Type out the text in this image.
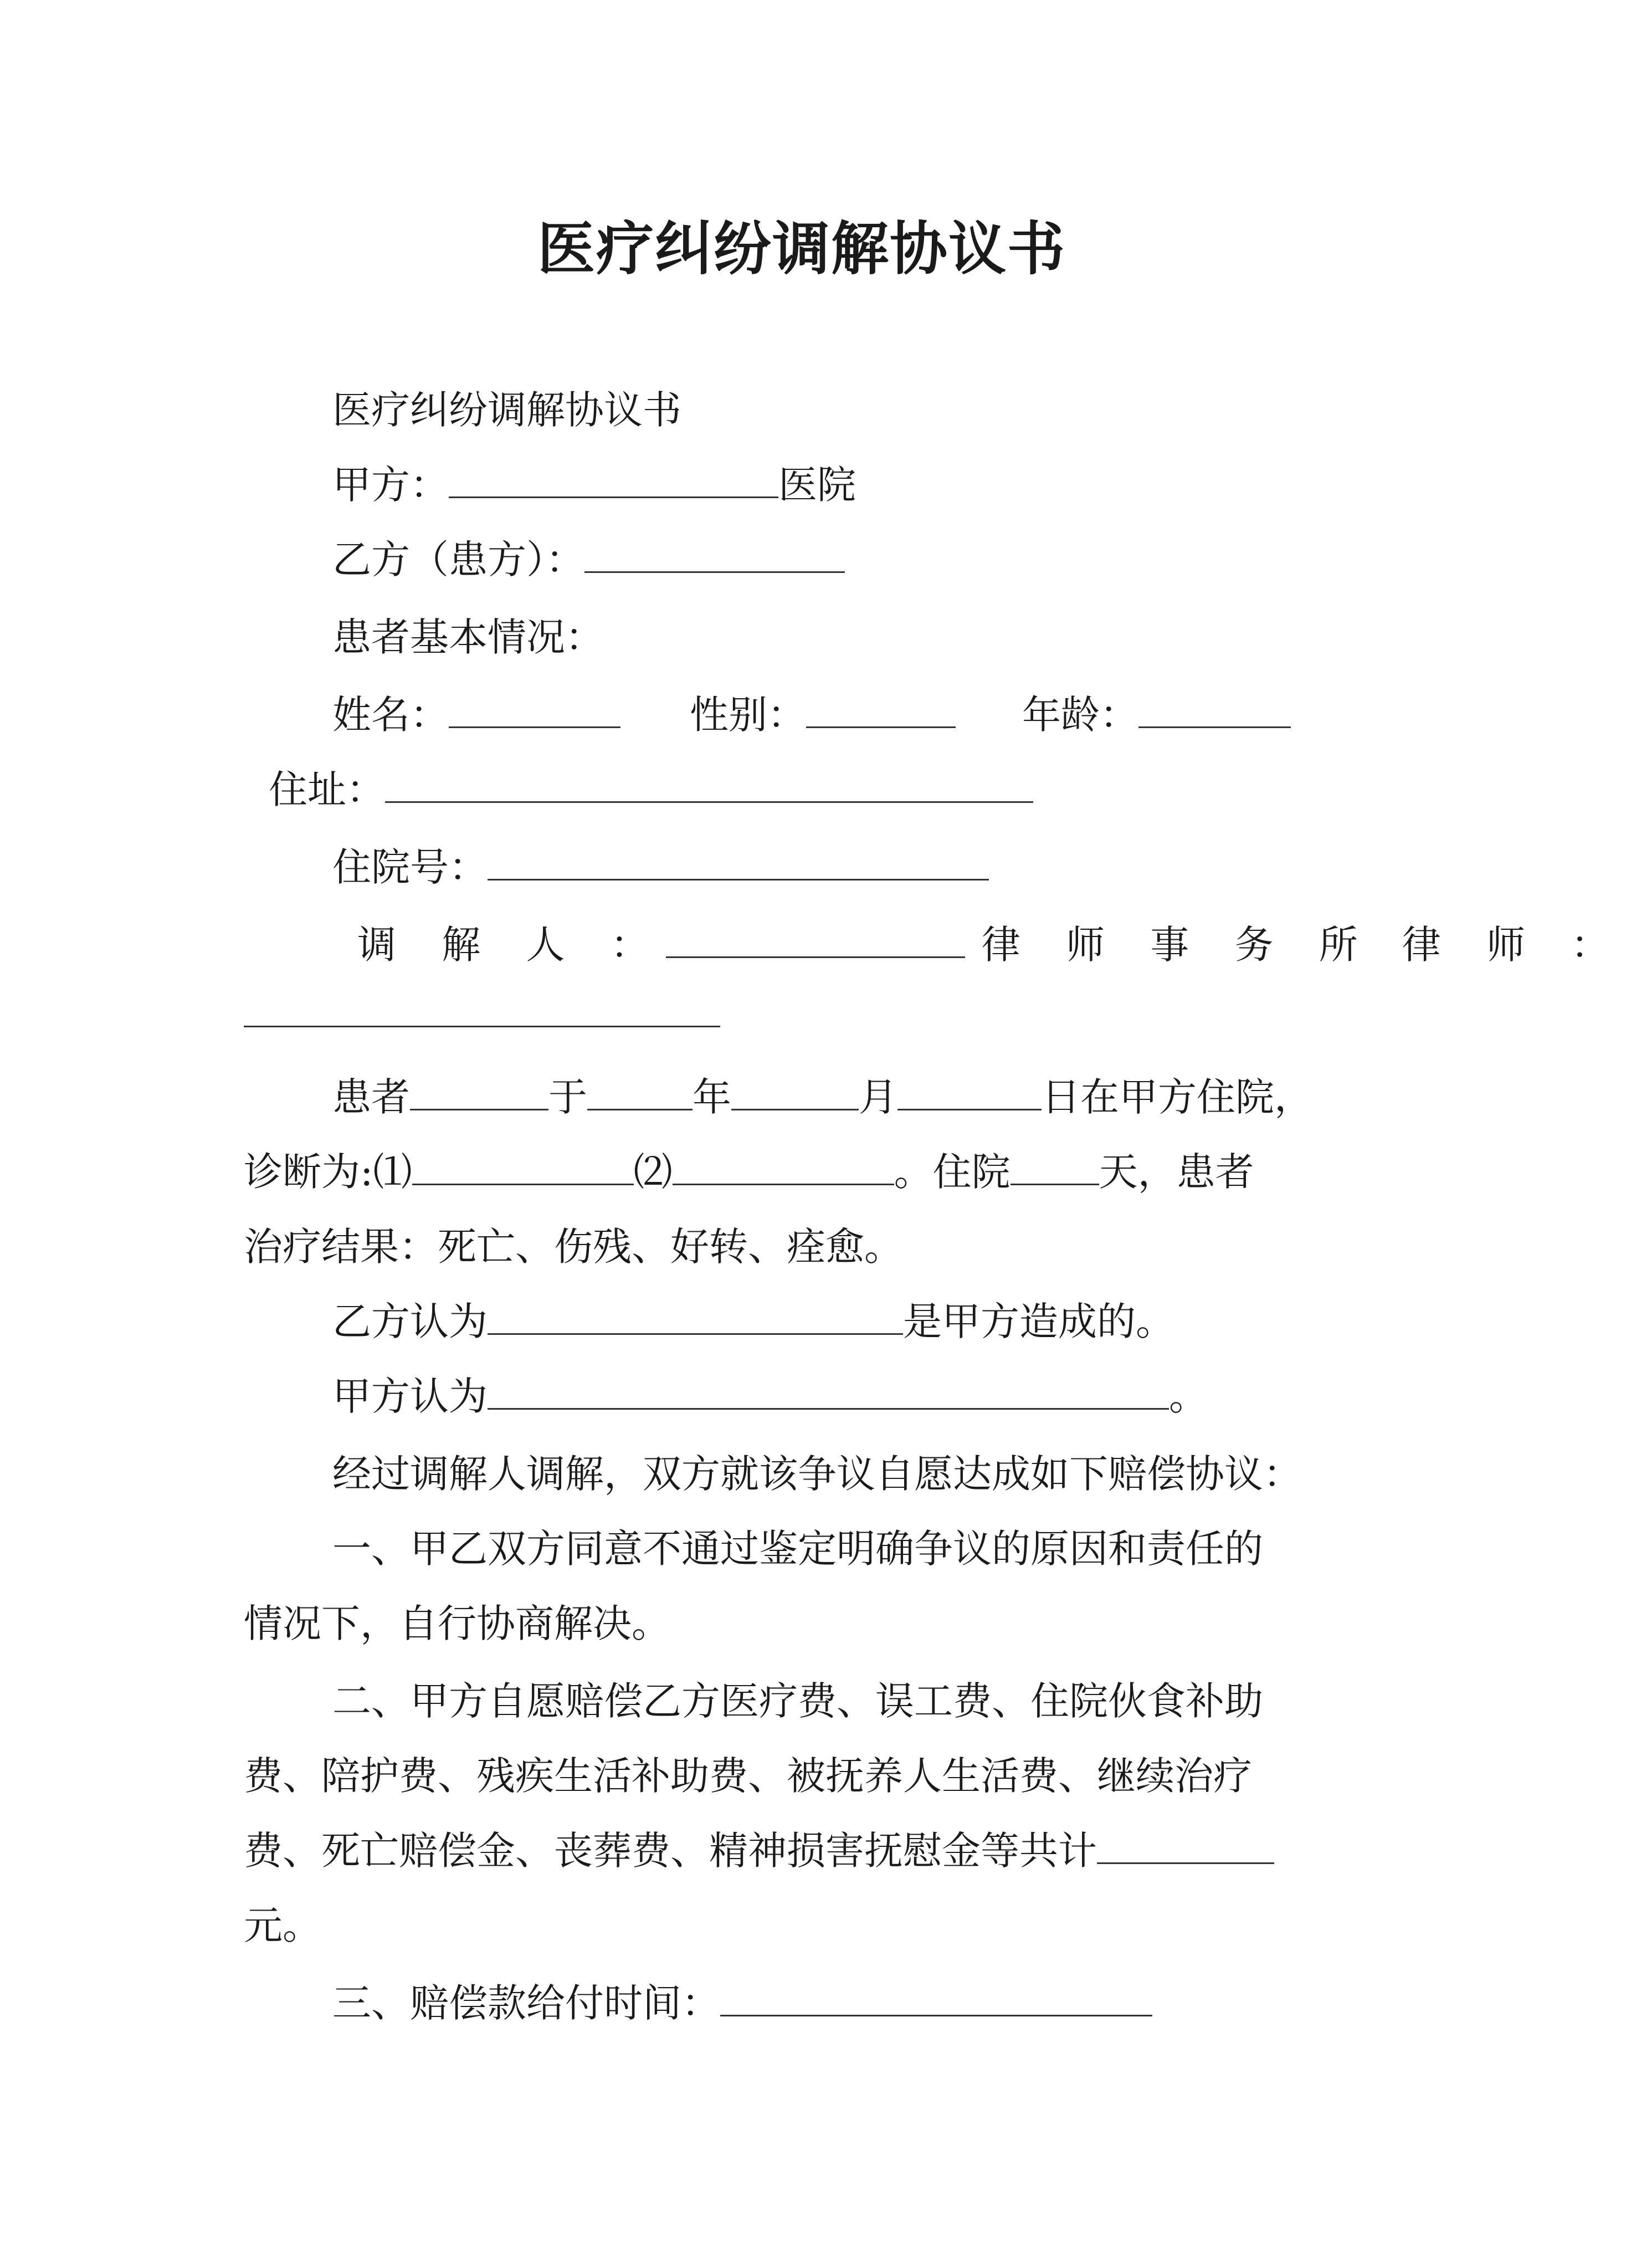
医疗纠纷调解协议书
医疗纠纷调解协议书
甲方：	医院
乙方（患方）：
患者基本情况：
姓名：	性别：	年龄：
住址：
住院号：
调 解 人 ：	律 师 事 务 所 律 师 ：
患者	于	年	月	日在甲方住院，
诊断为:⑴	⑵	。住院 天，患者
治疗结果：死亡、伤残、好转、痊愈。
乙方认为	是甲方造成的。
甲方认为	。
经过调解人调解，双方就该争议自愿达成如下赔偿协议：
一、甲乙双方同意不通过鉴定明确争议的原因和责任的
情况下，自行协商解决。
二、甲方自愿赔偿乙方医疗费、误工费、住院伙食补助
费、陪护费、残疾生活补助费、被抚养人生活费、继续治疗
费、死亡赔偿金、丧葬费、精神损害抚慰金等共计
元。
三、赔偿款给付时间：
